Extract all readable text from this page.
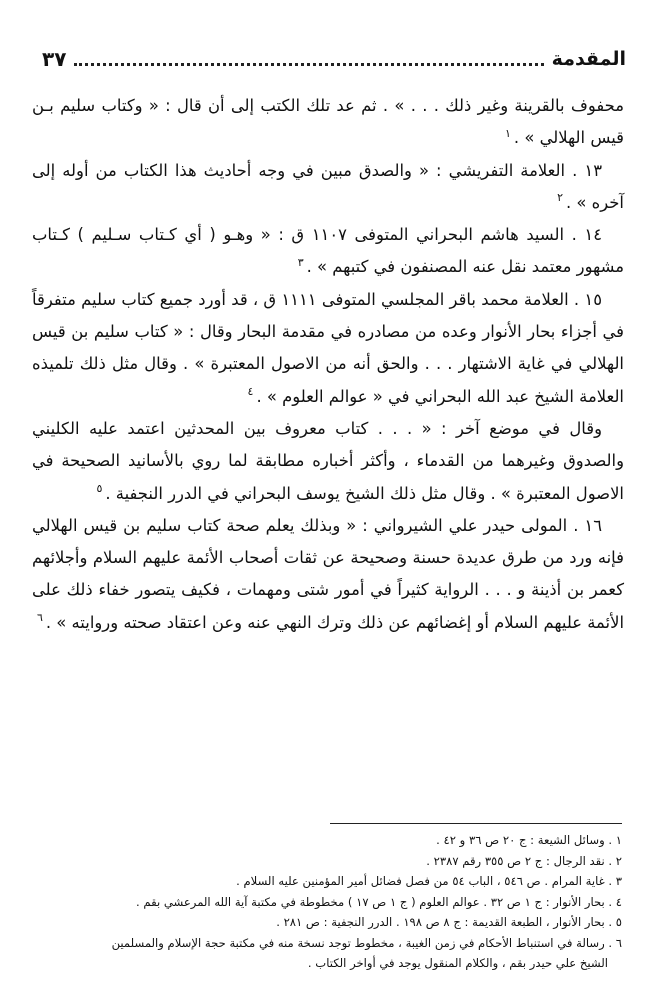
المقدمة
٣٧

محفوف بالقرينة وغير ذلك . . . » . ثم عد تلك الكتب إلى أن قال : « وكتاب سليم بـن قيس الهلالي » .$^١$

١٣ . العلامة التفريشي : « والصدق مبين في وجه أحاديث هذا الكتاب من أوله إلى آخره » .$^٢$

١٤ . السيد هاشم البحراني المتوفى ١١٠٧ ق : « وهـو ( أي كـتاب سـليم ) كـتاب مشهور معتمد نقل عنه المصنفون في كتبهم » .$^٣$

١٥ . العلامة محمد باقر المجلسي المتوفى ١١١١ ق ، قد أورد جميع كتاب سليم متفرقاً في أجزاء بحار الأنوار وعده من مصادره في مقدمة البحار وقال : « كتاب سليم بن قيس الهلالي في غاية الاشتهار . . . والحق أنه من الاصول المعتبرة » . وقال مثل ذلك تلميذه العلامة الشيخ عبد الله البحراني في « عوالم العلوم » .$^٤$

وقال في موضع آخر : « . . . كتاب معروف بين المحدثين اعتمد عليه الكليني والصدوق وغيرهما من القدماء ، وأكثر أخباره مطابقة لما روي بالأسانيد الصحيحة في الاصول المعتبرة » . وقال مثل ذلك الشيخ يوسف البحراني في الدرر النجفية .$^٥$

١٦ . المولى حيدر علي الشيرواني : « وبذلك يعلم صحة كتاب سليم بن قيس الهلالي فإنه ورد من طرق عديدة حسنة وصحيحة عن ثقات أصحاب الأئمة عليهم السلام وأجلائهم كعمر بن أذينة و . . . الرواية كثيراً في أمور شتى ومهمات ، فكيف يتصور خفاء ذلك على الأئمة عليهم السلام أو إغضائهم عن ذلك وترك النهي عنه وعن اعتقاد صحته وروايته » .$^٦$

١ . وسائل الشيعة : ج ٢٠ ص ٣٦ و ٤٢ .

٢ . نقد الرجال : ج ٢ ص ٣٥٥ رقم ٢٣٨٧ .

٣ . غاية المرام . ص ٥٤٦ ، الباب ٥٤ من فصل فضائل أمير المؤمنين عليه السلام .

٤ . بحار الأنوار : ج ١ ص ٣٢ . عوالم العلوم ( ج ١ ص ١٧ ) مخطوطة في مكتبة آية الله المرعشي بقم .

٥ . بحار الأنوار ، الطبعة القديمة : ج ٨ ص ١٩٨ . الدرر النجفية : ص ٢٨١ .

٦ . رسالة في استنباط الأحكام في زمن الغيبة ، مخطوط توجد نسخة منه في مكتبة حجة الإسلام والمسلمين

الشيخ علي حيدر بقم ، والكلام المنقول يوجد في أواخر الكتاب .
